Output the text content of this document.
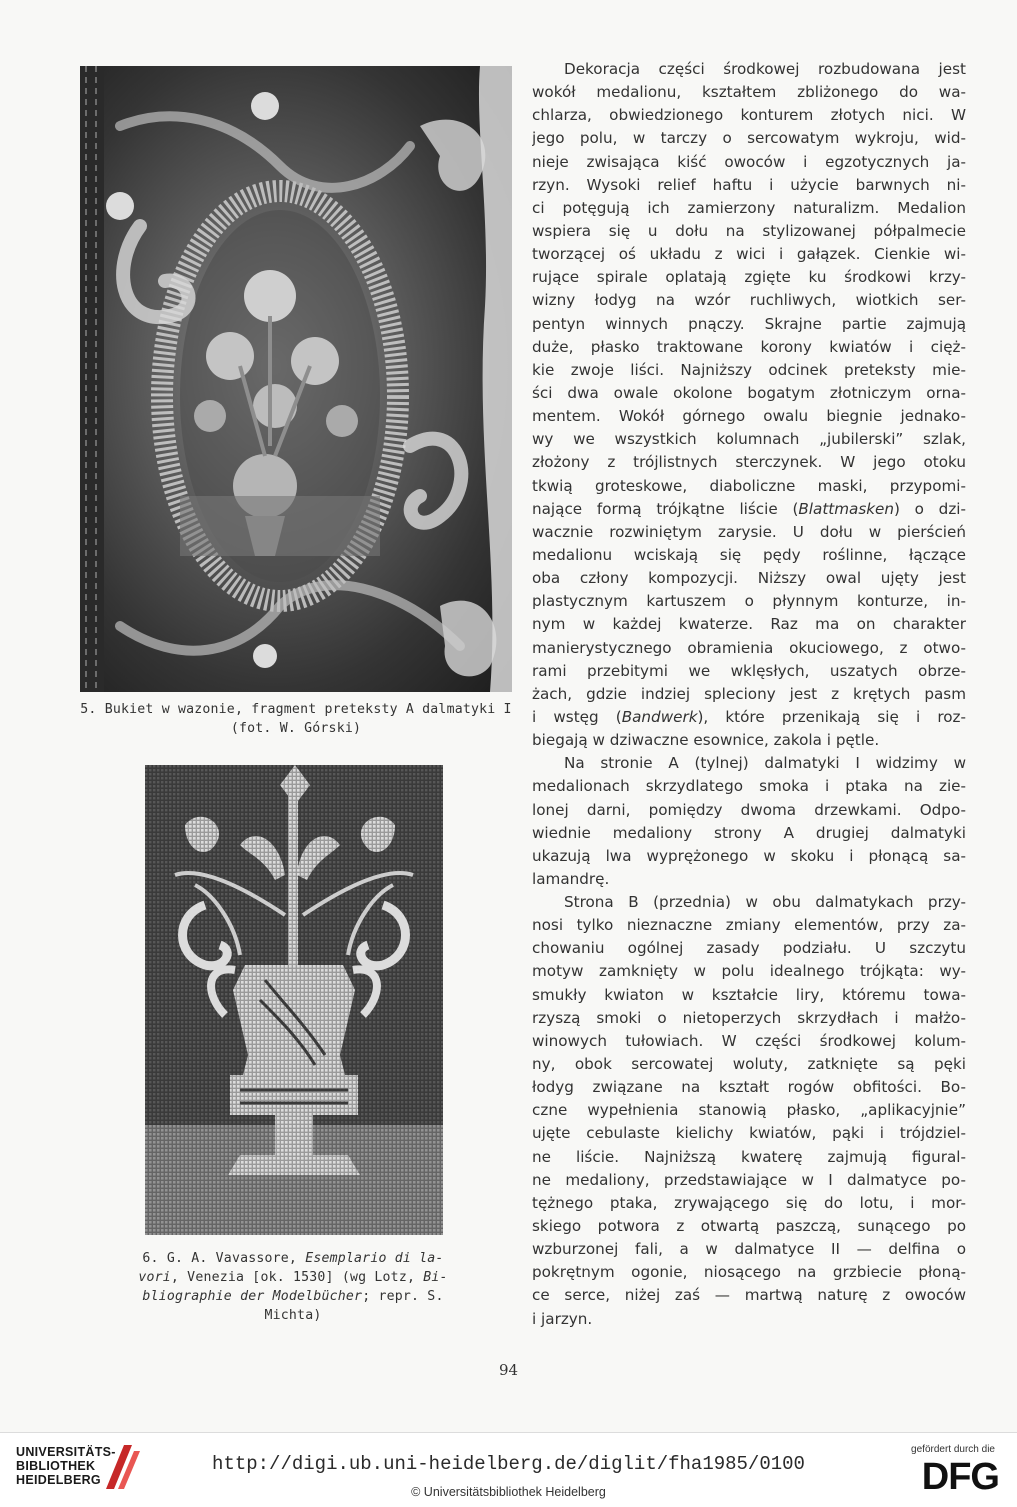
5. Bukiet w wazonie, fragment preteksty A dalmatyki I
(fot. W. Górski)
6. G. A. Vavassore, Esemplario di la-
vori, Venezia [ok. 1530] (wg Lotz, Bi-
bliographie der Modelbücher; repr. S.
Michta)
Dekoracja części środkowej rozbudowana jest
wokół medalionu, kształtem zbliżonego do wa-
chlarza, obwiedzionego konturem złotych nici. W
jego polu, w tarczy o sercowatym wykroju, wid-
nieje zwisająca kiść owoców i egzotycznych ja-
rzyn. Wysoki relief haftu i użycie barwnych ni-
ci potęgują ich zamierzony naturalizm. Medalion
wspiera się u dołu na stylizowanej półpalmecie
tworzącej oś układu z wici i gałązek. Cienkie wi-
rujące spirale oplatają zgięte ku środkowi krzy-
wizny łodyg na wzór ruchliwych, wiotkich ser-
pentyn winnych pnączy. Skrajne partie zajmują
duże, płasko traktowane korony kwiatów i cięż-
kie zwoje liści. Najniższy odcinek preteksty mie-
ści dwa owale okolone bogatym złotniczym orna-
mentem. Wokół górnego owalu biegnie jednako-
wy we wszystkich kolumnach „jubilerski” szlak,
złożony z trójlistnych sterczynek. W jego otoku
tkwią groteskowe, diaboliczne maski, przypomi-
nające formą trójkątne liście (Blattmasken) o dzi-
wacznie rozwiniętym zarysie. U dołu w pierścień
medalionu wciskają się pędy roślinne, łączące
oba człony kompozycji. Niższy owal ujęty jest
plastycznym kartuszem o płynnym konturze, in-
nym w każdej kwaterze. Raz ma on charakter
manierystycznego obramienia okuciowego, z otwo-
rami przebitymi we wklęsłych, uszatych obrze-
żach, gdzie indziej spleciony jest z krętych pasm
i wstęg (Bandwerk), które przenikają się i roz-
biegają w dziwaczne esownice, zakola i pętle.
Na stronie A (tylnej) dalmatyki I widzimy w
medalionach skrzydlatego smoka i ptaka na zie-
lonej darni, pomiędzy dwoma drzewkami. Odpo-
wiednie medaliony strony A drugiej dalmatyki
ukazują lwa wyprężonego w skoku i płonącą sa-
lamandrę.
Strona B (przednia) w obu dalmatykach przy-
nosi tylko nieznaczne zmiany elementów, przy za-
chowaniu ogólnej zasady podziału. U szczytu
motyw zamknięty w polu idealnego trójkąta: wy-
smukły kwiaton w kształcie liry, któremu towa-
rzyszą smoki o nietoperzych skrzydłach i małżo-
winowych tułowiach. W części środkowej kolum-
ny, obok sercowatej woluty, zatknięte są pęki
łodyg związane na kształt rogów obfitości. Bo-
czne wypełnienia stanowią płasko, „aplikacyjnie”
ujęte cebulaste kielichy kwiatów, pąki i trójdziel-
ne liście. Najniższą kwaterę zajmują figural-
ne medaliony, przedstawiające w I dalmatyce po-
tężnego ptaka, zrywającego się do lotu, i mor-
skiego potwora z otwartą paszczą, sunącego po
wzburzonej fali, a w dalmatyce II — delfina o
pokrętnym ogonie, niosącego na grzbiecie płoną-
ce serce, niżej zaś — martwą naturę z owoców
i jarzyn.
94
UNIVERSITÄTS-
BIBLIOTHEK
HEIDELBERG
http://digi.ub.uni-heidelberg.de/diglit/fha1985/0100
© Universitätsbibliothek Heidelberg
gefördert durch die
DFG
